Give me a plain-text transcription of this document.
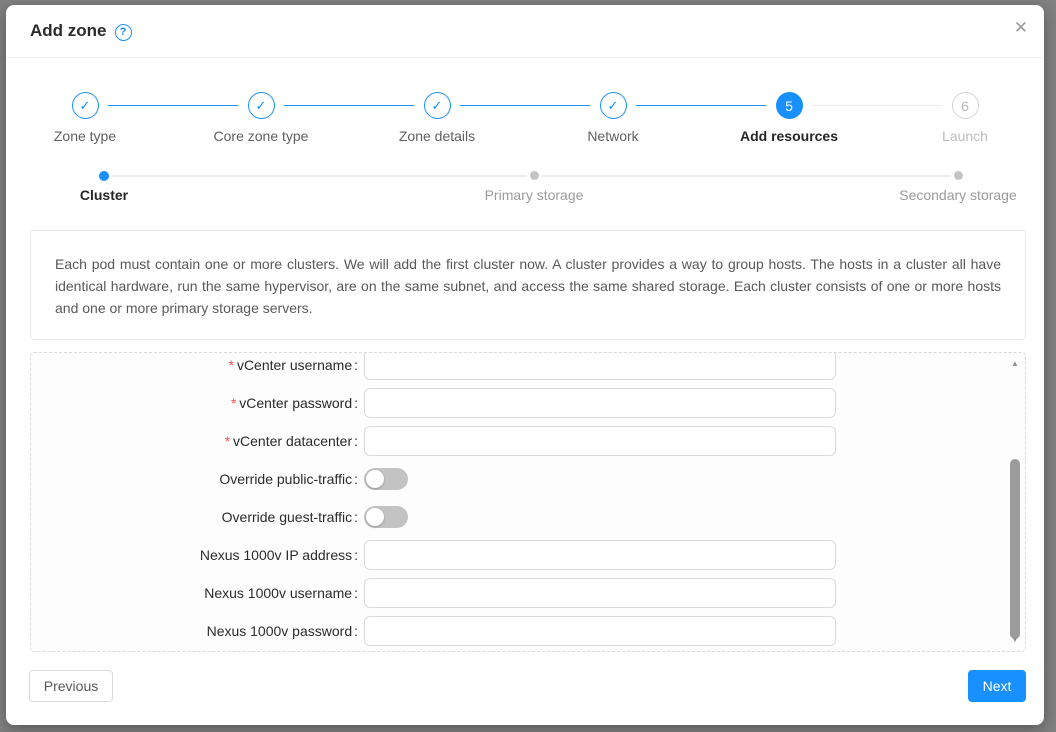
Add zone	?	✕
✓
Zone type
✓
Core zone type
✓
Zone details
✓
Network
5
Add resources
6
Launch
Cluster	Primary storage	Secondary storage
Each pod must contain one or more clusters. We will add the first cluster now. A cluster provides a way to group hosts. The hosts in a cluster all have identical hardware, run the same hypervisor, are on the same subnet, and access the same shared storage. Each cluster consists of one or more hosts and one or more primary storage servers.
* vCenter username :
* vCenter password :
* vCenter datacenter :
Override public-traffic :
Override guest-traffic :
Nexus 1000v IP address :
Nexus 1000v username :
Nexus 1000v password :
▲
▼
Previous	Next
